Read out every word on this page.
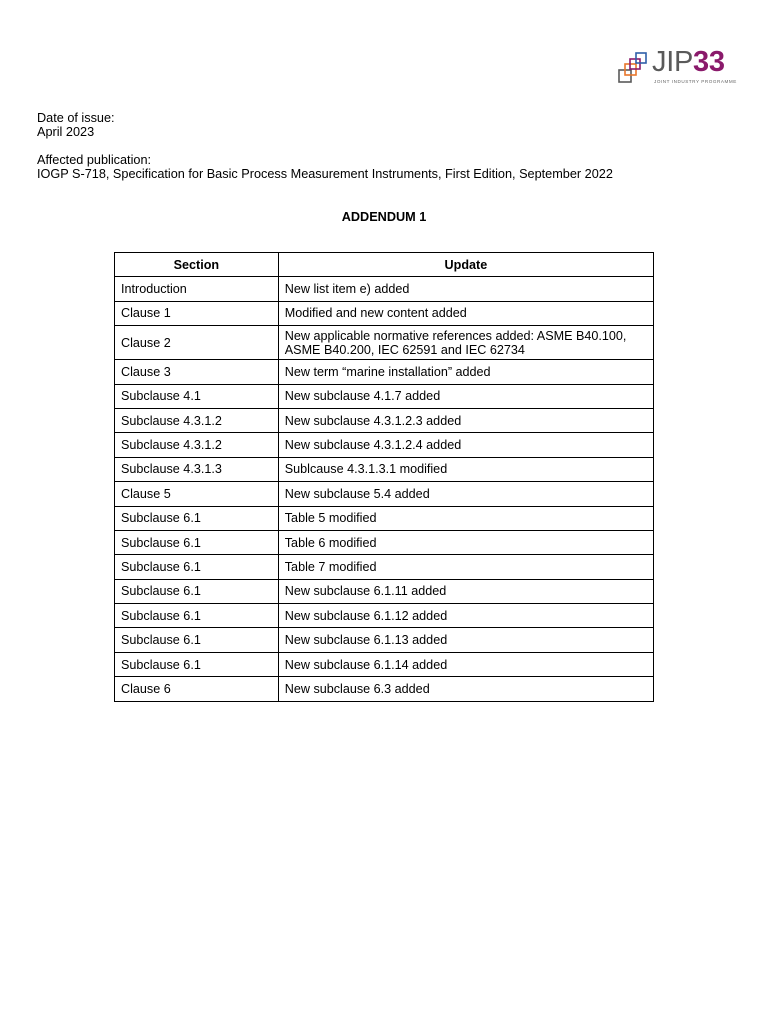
JIP33
JOINT INDUSTRY PROGRAMME
Date of issue:
April 2023
Affected publication:
IOGP S-718, Specification for Basic Process Measurement Instruments, First Edition, September 2022
ADDENDUM 1
Section	Update
Introduction	New list item e) added
Clause 1	Modified and new content added
Clause 2	New applicable normative references added: ASME B40.100, ASME B40.200, IEC 62591 and IEC 62734
Clause 3	New term “marine installation” added
Subclause 4.1	New subclause 4.1.7 added
Subclause 4.3.1.2	New subclause 4.3.1.2.3 added
Subclause 4.3.1.2	New subclause 4.3.1.2.4 added
Subclause 4.3.1.3	Sublcause 4.3.1.3.1 modified
Clause 5	New subclause 5.4 added
Subclause 6.1	Table 5 modified
Subclause 6.1	Table 6 modified
Subclause 6.1	Table 7 modified
Subclause 6.1	New subclause 6.1.11 added
Subclause 6.1	New subclause 6.1.12 added
Subclause 6.1	New subclause 6.1.13 added
Subclause 6.1	New subclause 6.1.14 added
Clause 6	New subclause 6.3 added
